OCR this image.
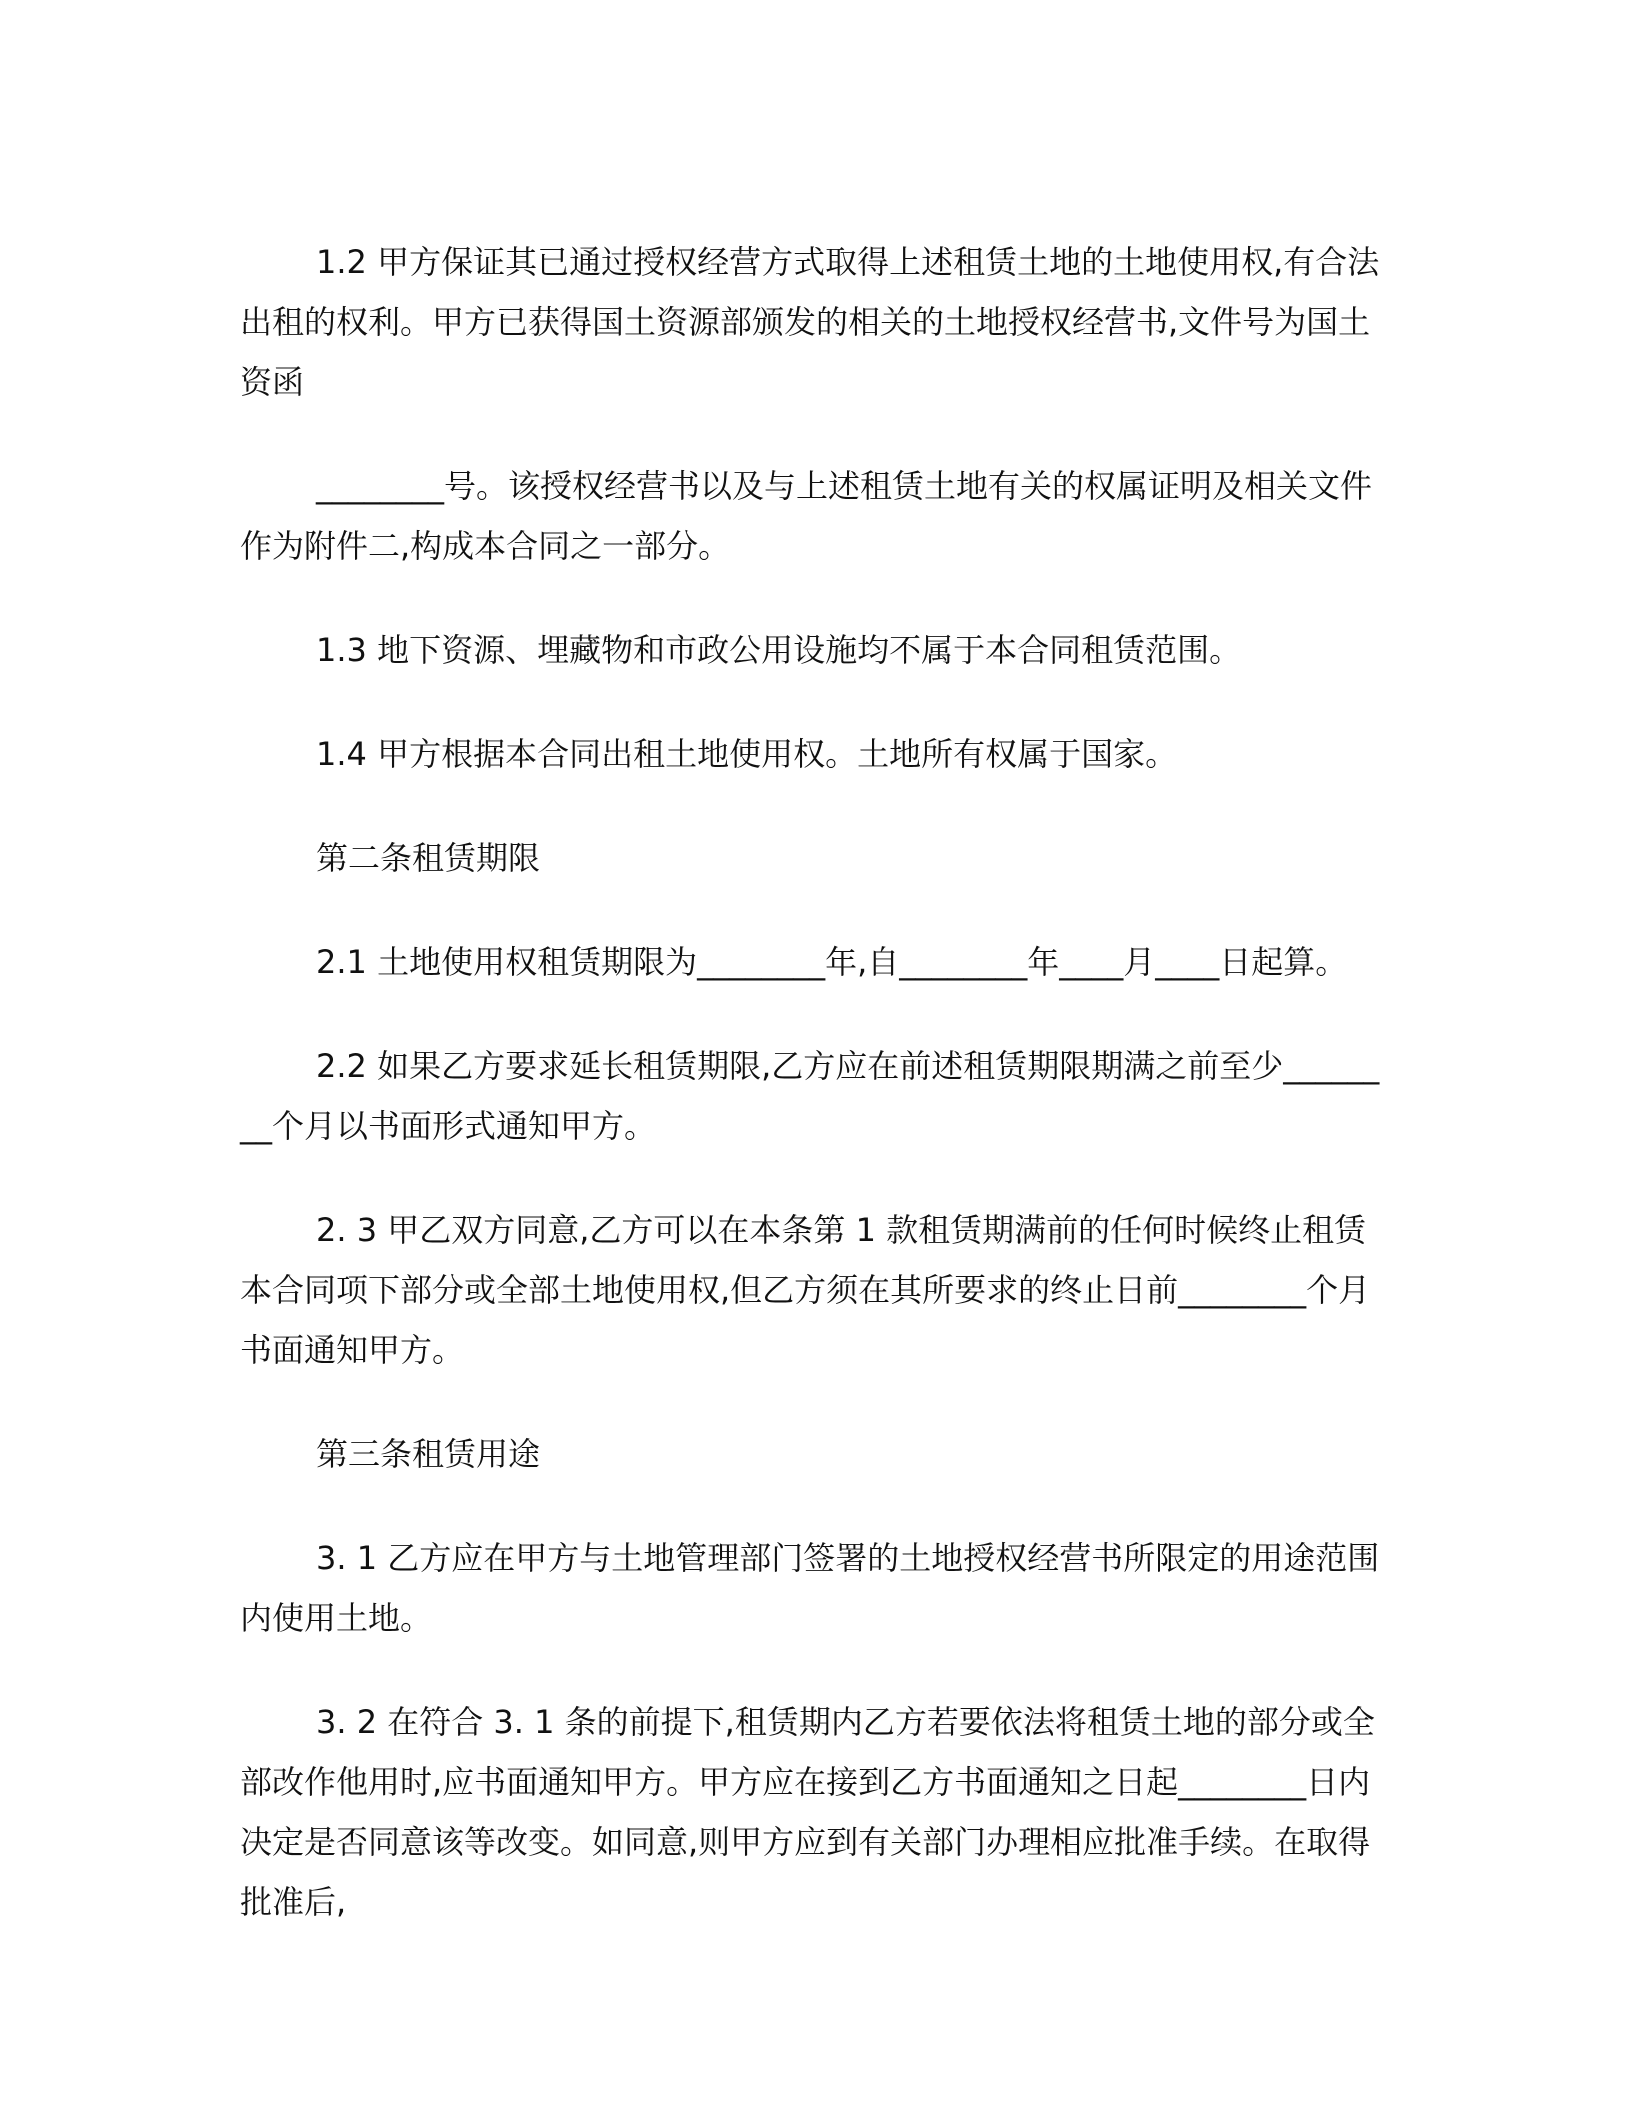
1.2 甲方保证其已通过授权经营方式取得上述租赁土地的土地使用权,有合法出租的权利。甲方已获得国土资源部颁发的相关的土地授权经营书,文件号为国土资函

________号。该授权经营书以及与上述租赁土地有关的权属证明及相关文件作为附件二,构成本合同之一部分。

1.3 地下资源、埋藏物和市政公用设施均不属于本合同租赁范围。

1.4 甲方根据本合同出租土地使用权。土地所有权属于国家。

第二条租赁期限

2.1 土地使用权租赁期限为________年,自________年____月____日起算。

2.2 如果乙方要求延长租赁期限,乙方应在前述租赁期限期满之前至少________个月以书面形式通知甲方。

2. 3 甲乙双方同意,乙方可以在本条第 1 款租赁期满前的任何时候终止租赁本合同项下部分或全部土地使用权,但乙方须在其所要求的终止日前________个月书面通知甲方。

第三条租赁用途

3. 1 乙方应在甲方与土地管理部门签署的土地授权经营书所限定的用途范围内使用土地。

3. 2 在符合 3. 1 条的前提下,租赁期内乙方若要依法将租赁土地的部分或全部改作他用时,应书面通知甲方。甲方应在接到乙方书面通知之日起________日内决定是否同意该等改变。如同意,则甲方应到有关部门办理相应批准手续。在取得批准后,
